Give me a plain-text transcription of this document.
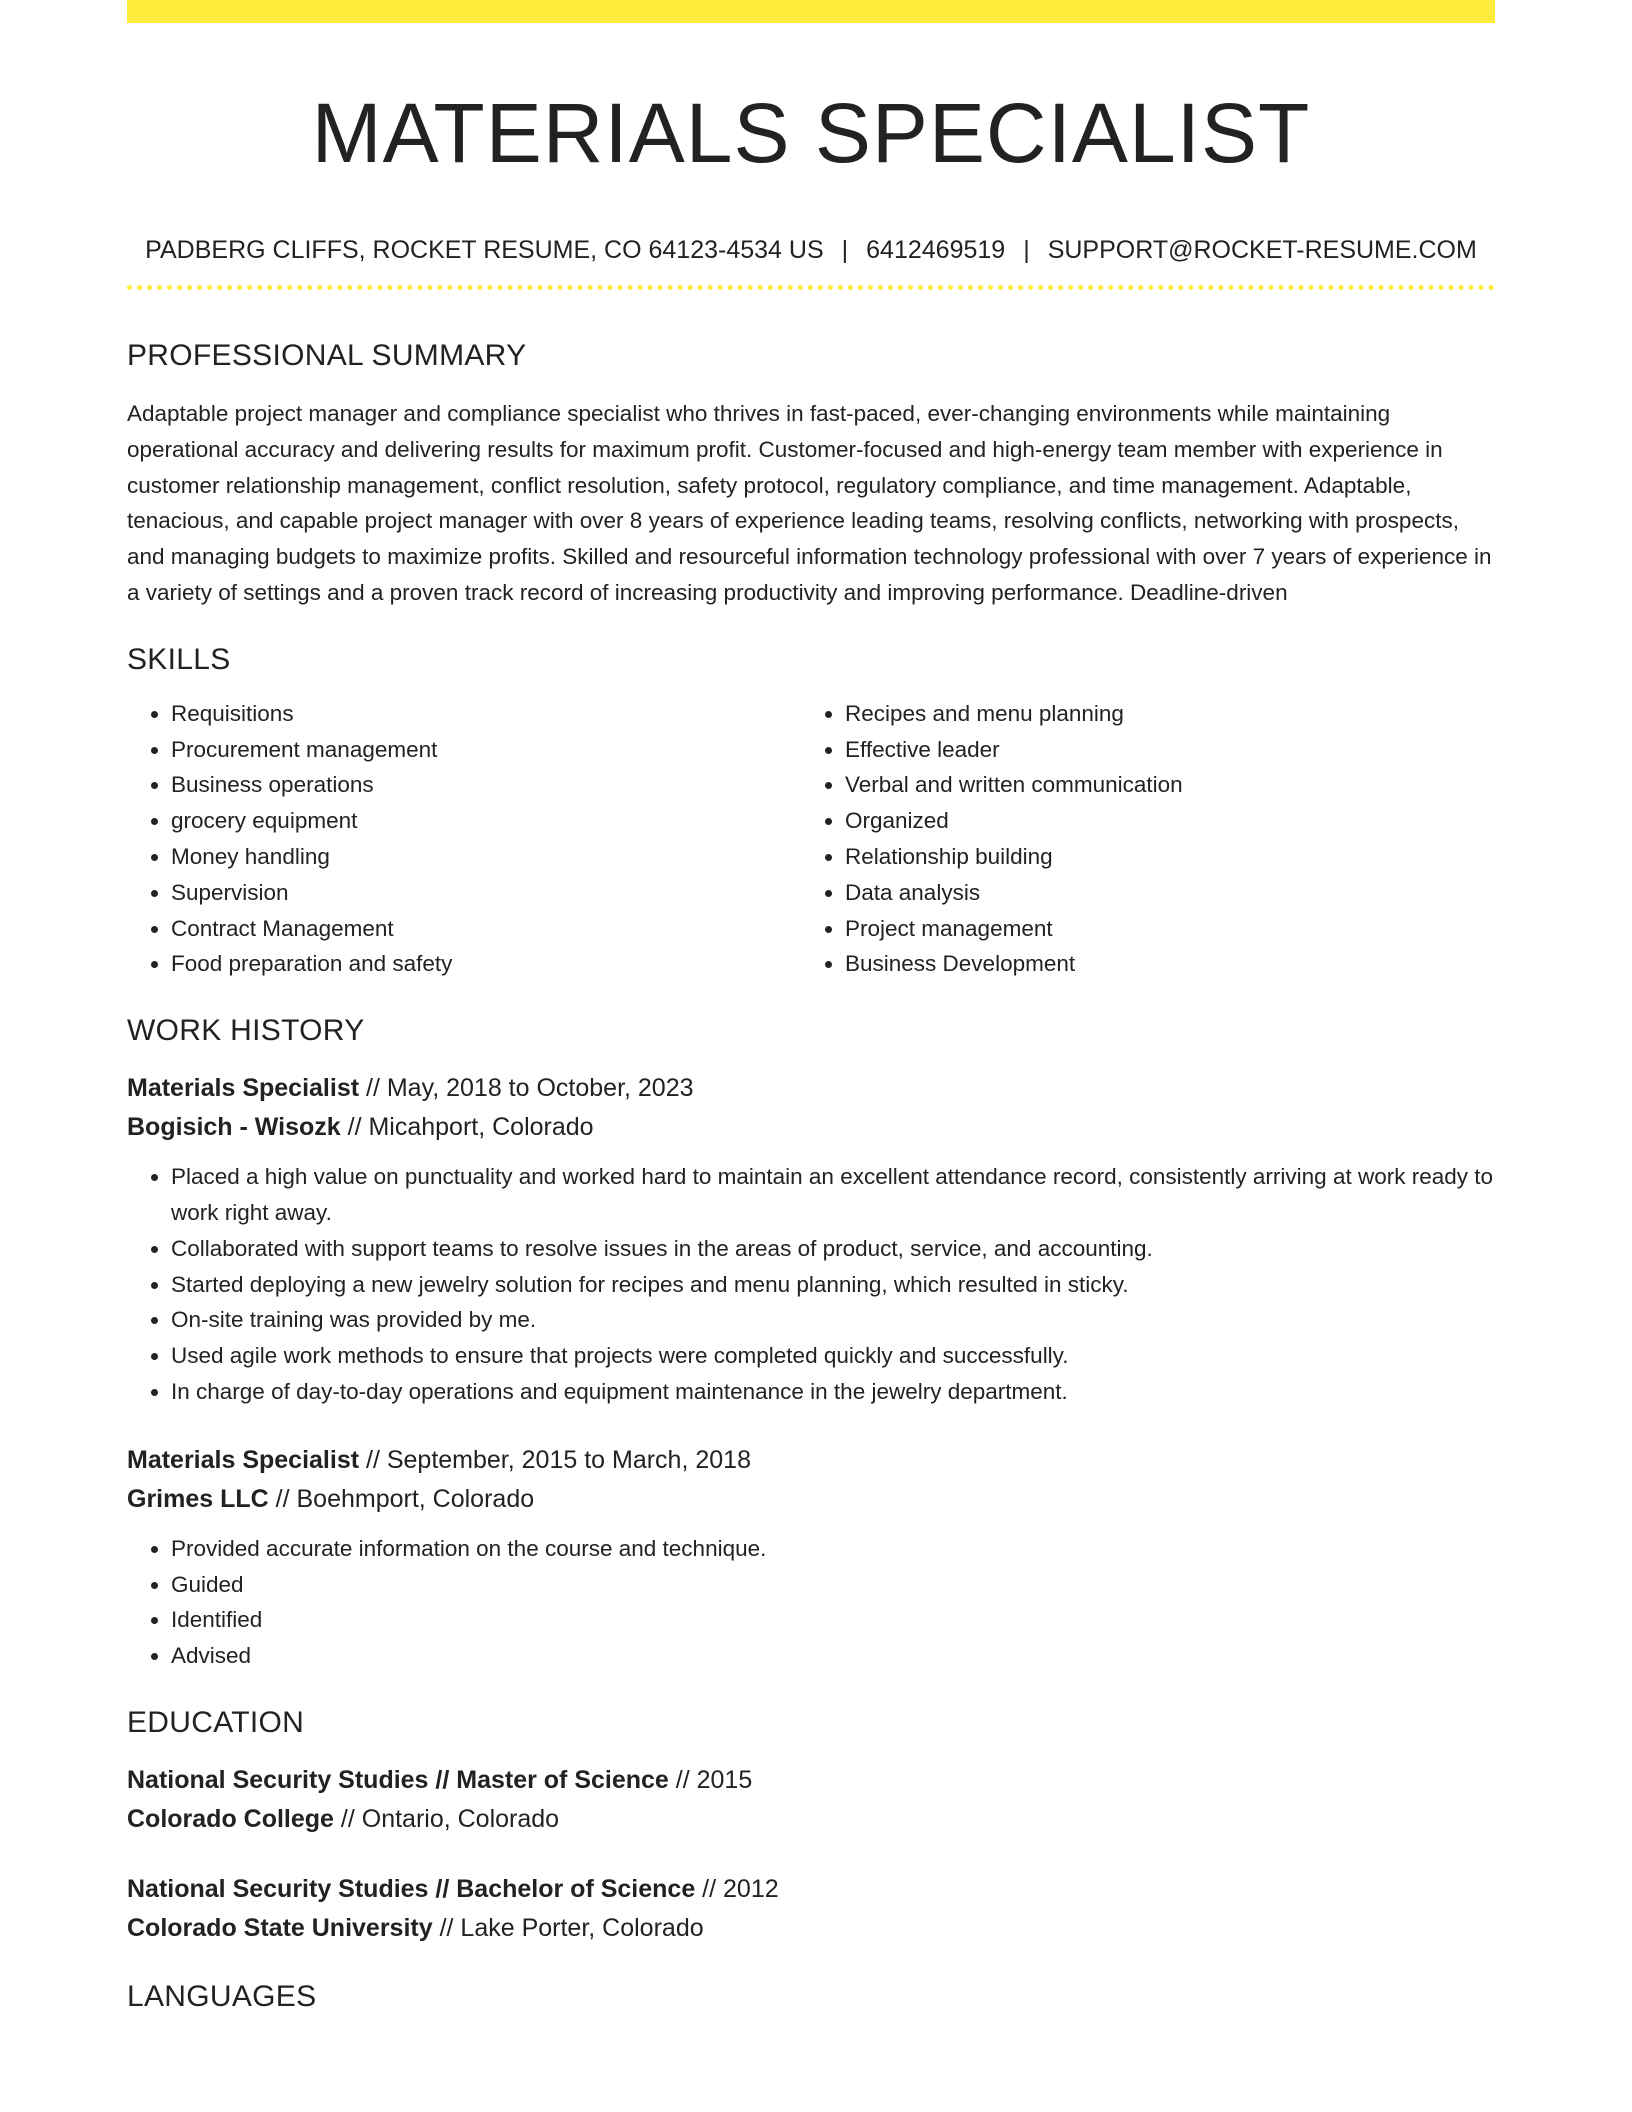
MATERIALS SPECIALIST
PADBERG CLIFFS, ROCKET RESUME, CO 64123-4534 US | 6412469519 | SUPPORT@ROCKET-RESUME.COM
PROFESSIONAL SUMMARY

Adaptable project manager and compliance specialist who thrives in fast-paced, ever-changing environments while maintaining operational accuracy and delivering results for maximum profit. Customer-focused and high-energy team member with experience in customer relationship management, conflict resolution, safety protocol, regulatory compliance, and time management. Adaptable, tenacious, and capable project manager with over 8 years of experience leading teams, resolving conflicts, networking with prospects, and managing budgets to maximize profits. Skilled and resourceful information technology professional with over 7 years of experience in a variety of settings and a proven track record of increasing productivity and improving performance. Deadline-driven

SKILLS
• Requisitions
• Procurement management
• Business operations
• grocery equipment
• Money handling
• Supervision
• Contract Management
• Food preparation and safety
• Recipes and menu planning
• Effective leader
• Verbal and written communication
• Organized
• Relationship building
• Data analysis
• Project management
• Business Development
WORK HISTORY
Materials Specialist // May, 2018 to October, 2023
Bogisich - Wisozk // Micahport, Colorado
• Placed a high value on punctuality and worked hard to maintain an excellent attendance record, consistently arriving at work ready to work right away.
• Collaborated with support teams to resolve issues in the areas of product, service, and accounting.
• Started deploying a new jewelry solution for recipes and menu planning, which resulted in sticky.
• On-site training was provided by me.
• Used agile work methods to ensure that projects were completed quickly and successfully.
• In charge of day-to-day operations and equipment maintenance in the jewelry department.
Materials Specialist // September, 2015 to March, 2018
Grimes LLC // Boehmport, Colorado
• Provided accurate information on the course and technique.
• Guided
• Identified
• Advised
EDUCATION
National Security Studies // Master of Science // 2015
Colorado College // Ontario, Colorado
National Security Studies // Bachelor of Science // 2012
Colorado State University // Lake Porter, Colorado
LANGUAGES
